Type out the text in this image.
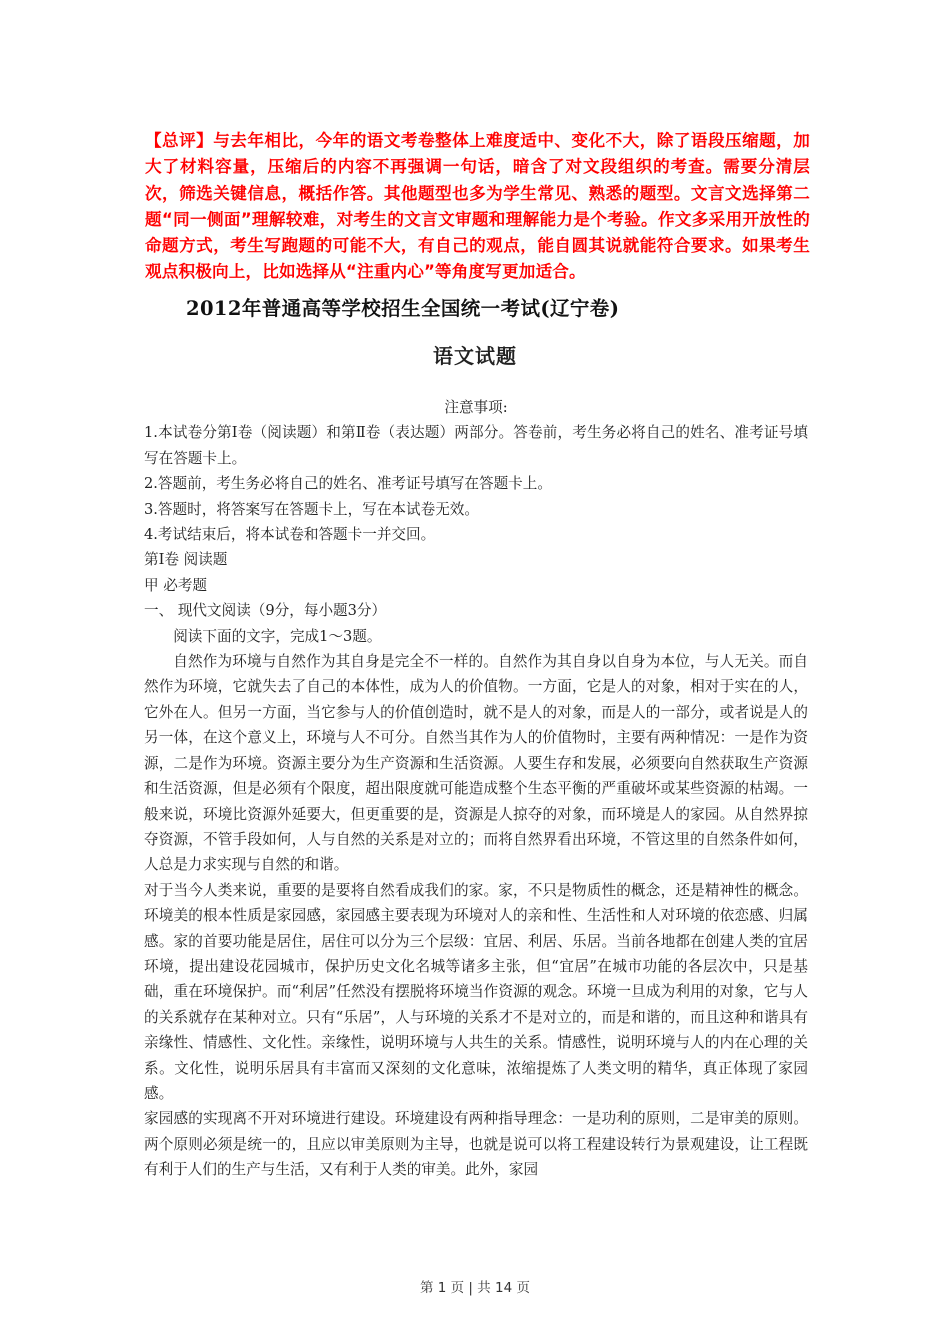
【总评】与去年相比，今年的语文考卷整体上难度适中、变化不大，除了语段压缩题，加大了材料容量，压缩后的内容不再强调一句话，暗含了对文段组织的考查。需要分清层次，筛选关键信息，概括作答。其他题型也多为学生常见、熟悉的题型。文言文选择第二题“同一侧面”理解较难，对考生的文言文审题和理解能力是个考验。作文多采用开放性的命题方式，考生写跑题的可能不大，有自己的观点，能自圆其说就能符合要求。如果考生观点积极向上，比如选择从“注重内心”等角度写更加适合。
2012年普通高等学校招生全国统一考试(辽宁卷)
语文试题

注意事项:

1.本试卷分第Ⅰ卷（阅读题）和第Ⅱ卷（表达题）两部分。答卷前，考生务必将自己的姓名、准考证号填写在答题卡上。

2.答题前，考生务必将自己的姓名、准考证号填写在答题卡上。

3.答题时，将答案写在答题卡上，写在本试卷无效。

4.考试结束后，将本试卷和答题卡一并交回。

第Ⅰ卷 阅读题

甲 必考题

一、 现代文阅读（9分，每小题3分）

阅读下面的文字，完成1～3题。

自然作为环境与自然作为其自身是完全不一样的。自然作为其自身以自身为本位，与人无关。而自然作为环境，它就失去了自己的本体性，成为人的价值物。一方面，它是人的对象，相对于实在的人，它外在人。但另一方面，当它参与人的价值创造时，就不是人的对象，而是人的一部分，或者说是人的另一体，在这个意义上，环境与人不可分。自然当其作为人的价值物时，主要有两种情况：一是作为资源，二是作为环境。资源主要分为生产资源和生活资源。人要生存和发展，必须要向自然获取生产资源和生活资源，但是必须有个限度，超出限度就可能造成整个生态平衡的严重破坏或某些资源的枯竭。一般来说，环境比资源外延要大，但更重要的是，资源是人掠夺的对象，而环境是人的家园。从自然界掠夺资源，不管手段如何，人与自然的关系是对立的；而将自然界看出环境，不管这里的自然条件如何，人总是力求实现与自然的和谐。

对于当今人类来说，重要的是要将自然看成我们的家。家，不只是物质性的概念，还是精神性的概念。环境美的根本性质是家园感，家园感主要表现为环境对人的亲和性、生活性和人对环境的依恋感、归属感。家的首要功能是居住，居住可以分为三个层级：宜居、利居、乐居。当前各地都在创建人类的宜居环境，提出建设花园城市，保护历史文化名城等诸多主张，但“宜居”在城市功能的各层次中，只是基础，重在环境保护。而“利居”任然没有摆脱将环境当作资源的观念。环境一旦成为利用的对象，它与人的关系就存在某种对立。只有“乐居”，人与环境的关系才不是对立的，而是和谐的，而且这种和谐具有亲缘性、情感性、文化性。亲缘性，说明环境与人共生的关系。情感性，说明环境与人的内在心理的关系。文化性，说明乐居具有丰富而又深刻的文化意味，浓缩提炼了人类文明的精华，真正体现了家园感。

家园感的实现离不开对环境进行建设。环境建设有两种指导理念：一是功利的原则，二是审美的原则。两个原则必须是统一的，且应以审美原则为主导，也就是说可以将工程建设转行为景观建设，让工程既有利于人们的生产与生活，又有利于人类的审美。此外，家园

第 1 页 | 共 14 页
